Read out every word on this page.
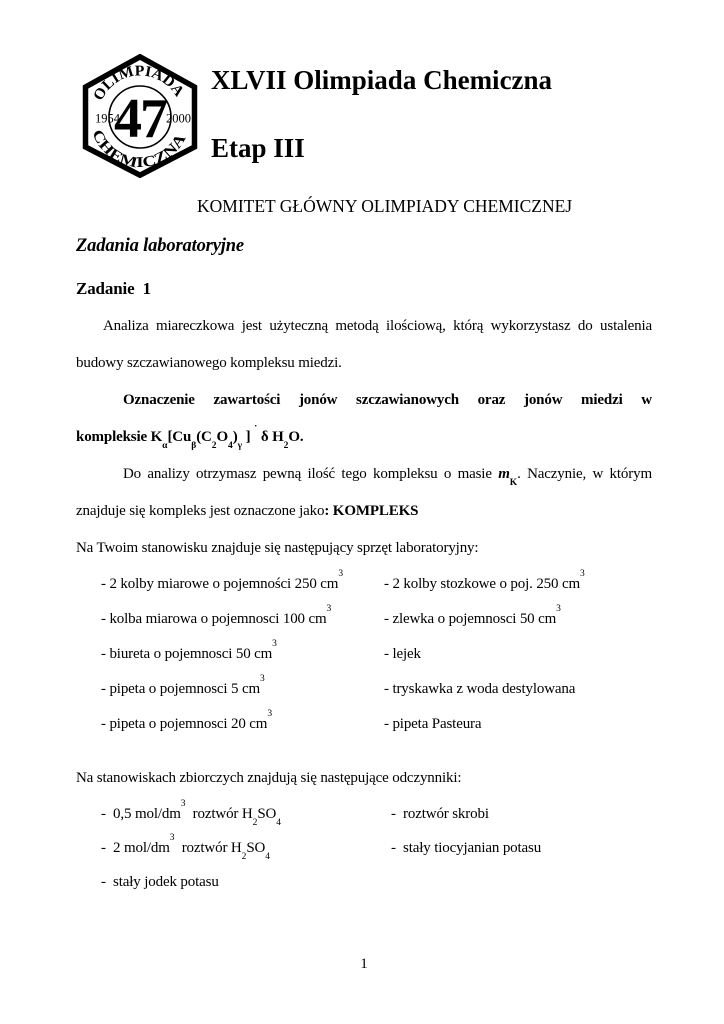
OLIMPIADA
CHEMICZNA
1954	2000
47
XLVII Olimpiada Chemiczna
Etap III
KOMITET GŁÓWNY OLIMPIADY CHEMICZNEJ
Zadania laboratoryjne
Zadanie  1
Analiza miareczkowa jest użyteczną metodą ilościową, którą wykorzystasz do ustalenia
budowy szczawianowego kompleksu miedzi.
Oznaczenie zawartości jonów szczawianowych oraz jonów miedzi w
kompleksie $K_\alpha[Cu_\beta(C_2O_4)_\gamma$ ] · δ $H_2O$.
Do analizy otrzymasz pewną ilość tego kompleksu o masie $m_K$. Naczynie, w którym
znajduje się kompleks jest oznaczone jako: KOMPLEKS
Na Twoim stanowisku znajduje się następujący sprzęt laboratoryjny:
- 2 kolby miarowe o pojemności 250 $cm^3$
- kolba miarowa o pojemnosci 100 $cm^3$
- biureta o pojemnosci 50 $cm^3$
- pipeta o pojemnosci 5 $cm^3$
- pipeta o pojemnosci 20 $cm^3$
- 2 kolby stozkowe o poj. 250 $cm^3$
- zlewka o pojemnosci 50 $cm^3$
- lejek
- tryskawka z woda destylowana
- pipeta Pasteura
Na stanowiskach zbiorczych znajdują się następujące odczynniki:
-  0,5 mol/$dm^3$  roztwór $H_2SO_4$
-  2 mol/$dm^3$  roztwór $H_2SO_4$
-  stały jodek potasu
-  roztwór skrobi
-  stały tiocyjanian potasu
1
